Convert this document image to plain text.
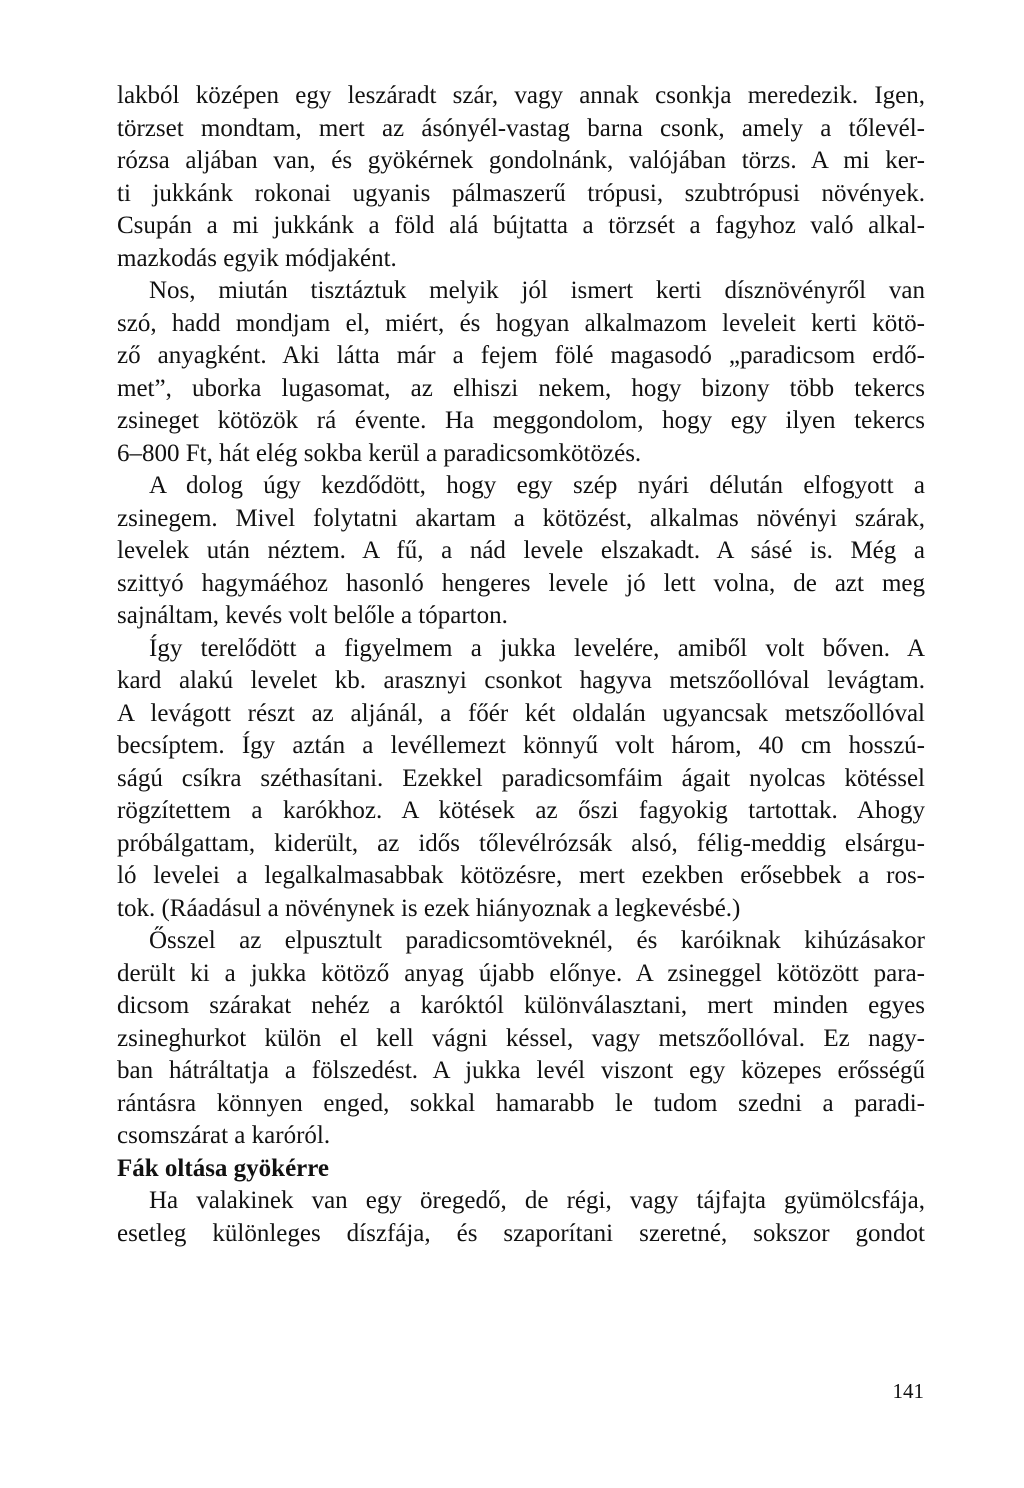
lakból középen egy leszáradt szár, vagy annak csonkja meredezik. Igen,
törzset mondtam, mert az ásónyél-vastag barna csonk, amely a tőlevél-
rózsa aljában van, és gyökérnek gondolnánk, valójában törzs. A mi ker-
ti jukkánk rokonai ugyanis pálmaszerű trópusi, szubtrópusi növények.
Csupán a mi jukkánk a föld alá bújtatta a törzsét a fagyhoz való alkal-
mazkodás egyik módjaként.
Nos, miután tisztáztuk melyik jól ismert kerti dísznövényről van
szó, hadd mondjam el, miért, és hogyan alkalmazom leveleit kerti kötö-
ző anyagként. Aki látta már a fejem fölé magasodó „paradicsom erdő-
met”, uborka lugasomat, az elhiszi nekem, hogy bizony több tekercs
zsineget kötözök rá évente. Ha meggondolom, hogy egy ilyen tekercs
6–800 Ft, hát elég sokba kerül a paradicsomkötözés.
A dolog úgy kezdődött, hogy egy szép nyári délután elfogyott a
zsinegem. Mivel folytatni akartam a kötözést, alkalmas növényi szárak,
levelek után néztem. A fű, a nád levele elszakadt. A sásé is. Még a
szittyó hagymáéhoz hasonló hengeres levele jó lett volna, de azt meg
sajnáltam, kevés volt belőle a tóparton.
Így terelődött a figyelmem a jukka levelére, amiből volt bőven. A
kard alakú levelet kb. arasznyi csonkot hagyva metszőollóval levágtam.
A levágott részt az aljánál, a főér két oldalán ugyancsak metszőollóval
becsíptem. Így aztán a levéllemezt könnyű volt három, 40 cm hosszú-
ságú csíkra széthasítani. Ezekkel paradicsomfáim ágait nyolcas kötéssel
rögzítettem a karókhoz. A kötések az őszi fagyokig tartottak. Ahogy
próbálgattam, kiderült, az idős tőlevélrózsák alsó, félig-meddig elsárgu-
ló levelei a legalkalmasabbak kötözésre, mert ezekben erősebbek a ros-
tok. (Ráadásul a növénynek is ezek hiányoznak a legkevésbé.)
Ősszel az elpusztult paradicsomtöveknél, és karóiknak kihúzásakor
derült ki a jukka kötöző anyag újabb előnye. A zsineggel kötözött para-
dicsom szárakat nehéz a karóktól különválasztani, mert minden egyes
zsineghurkot külön el kell vágni késsel, vagy metszőollóval. Ez nagy-
ban hátráltatja a fölszedést. A jukka levél viszont egy közepes erősségű
rántásra könnyen enged, sokkal hamarabb le tudom szedni a paradi-
csomszárat a karóról.
Fák oltása gyökérre
Ha valakinek van egy öregedő, de régi, vagy tájfajta gyümölcsfája,
esetleg különleges díszfája, és szaporítani szeretné, sokszor gondot
141
